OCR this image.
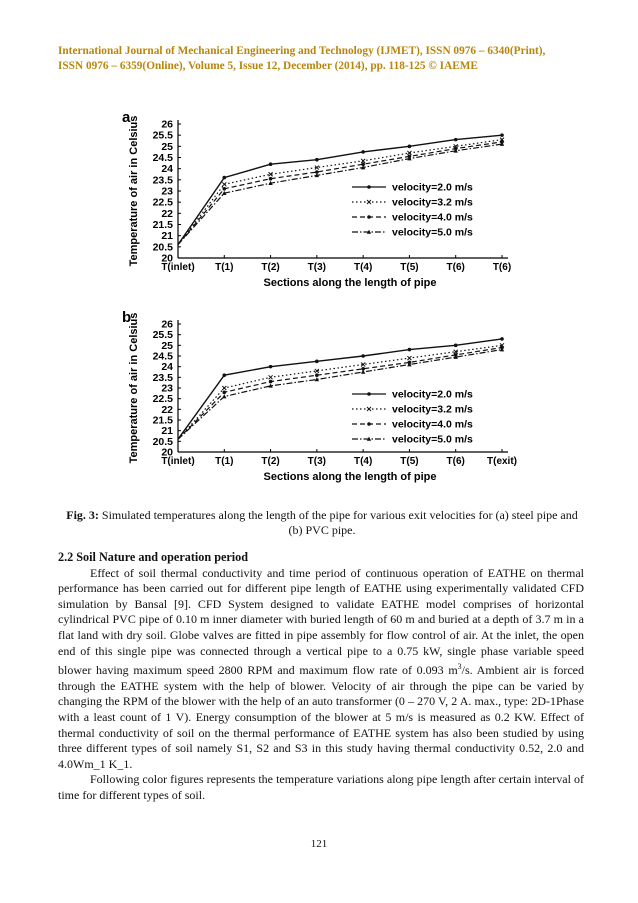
International Journal of Mechanical Engineering and Technology (IJMET), ISSN 0976 – 6340(Print),
ISSN 0976 – 6359(Online), Volume 5, Issue 12, December (2014), pp. 118-125 © IAEME
a
20
20.5
21
21.5
22
22.5
23
23.5
24
24.5
25
25.5
26
T(inlet) T(1)	T(2)	T(3)	T(4)	T(5)	T(6)	T(6)
Sections along the length of pipe
Temperature of air in Celsius	velocity=2.0 m/s
velocity=3.2 m/s
velocity=4.0 m/s
velocity=5.0 m/s
b
20
20.5
21
21.5
22
22.5
23
23.5
24
24.5
25
25.5
26
T(inlet) T(1)	T(2)	T(3)	T(4)	T(5)	T(6) T(exit)
Sections along the length of pipe
Temperature of air in Celsius	velocity=2.0 m/s
velocity=3.2 m/s
velocity=4.0 m/s
velocity=5.0 m/s
Fig. 3: Simulated temperatures along the length of the pipe for various exit velocities for (a) steel pipe and (b) PVC pipe.
2.2 Soil Nature and operation period

Effect of soil thermal conductivity and time period of continuous operation of EATHE on thermal performance has been carried out for different pipe length of EATHE using experimentally validated CFD simulation by Bansal [9]. CFD System designed to validate EATHE model comprises of horizontal cylindrical PVC pipe of 0.10 m inner diameter with buried length of 60 m and buried at a depth of 3.7 m in a flat land with dry soil. Globe valves are fitted in pipe assembly for flow control of air. At the inlet, the open end of this single pipe was connected through a vertical pipe to a 0.75 kW, single phase variable speed blower having maximum speed 2800 RPM and maximum flow rate of 0.093 $m^3/s$. Ambient air is forced through the EATHE system with the help of blower. Velocity of air through the pipe can be varied by changing the RPM of the blower with the help of an auto transformer (0 – 270 V, 2 A. max., type: 2D-1Phase with a least count of 1 V). Energy consumption of the blower at 5 m/s is measured as 0.2 KW. Effect of thermal conductivity of soil on the thermal performance of EATHE system has also been studied by using three different types of soil namely S1, S2 and S3 in this study having thermal conductivity 0.52, 2.0 and 4.0Wm_1 K_1.

Following color figures represents the temperature variations along pipe length after certain interval of time for different types of soil.

121
